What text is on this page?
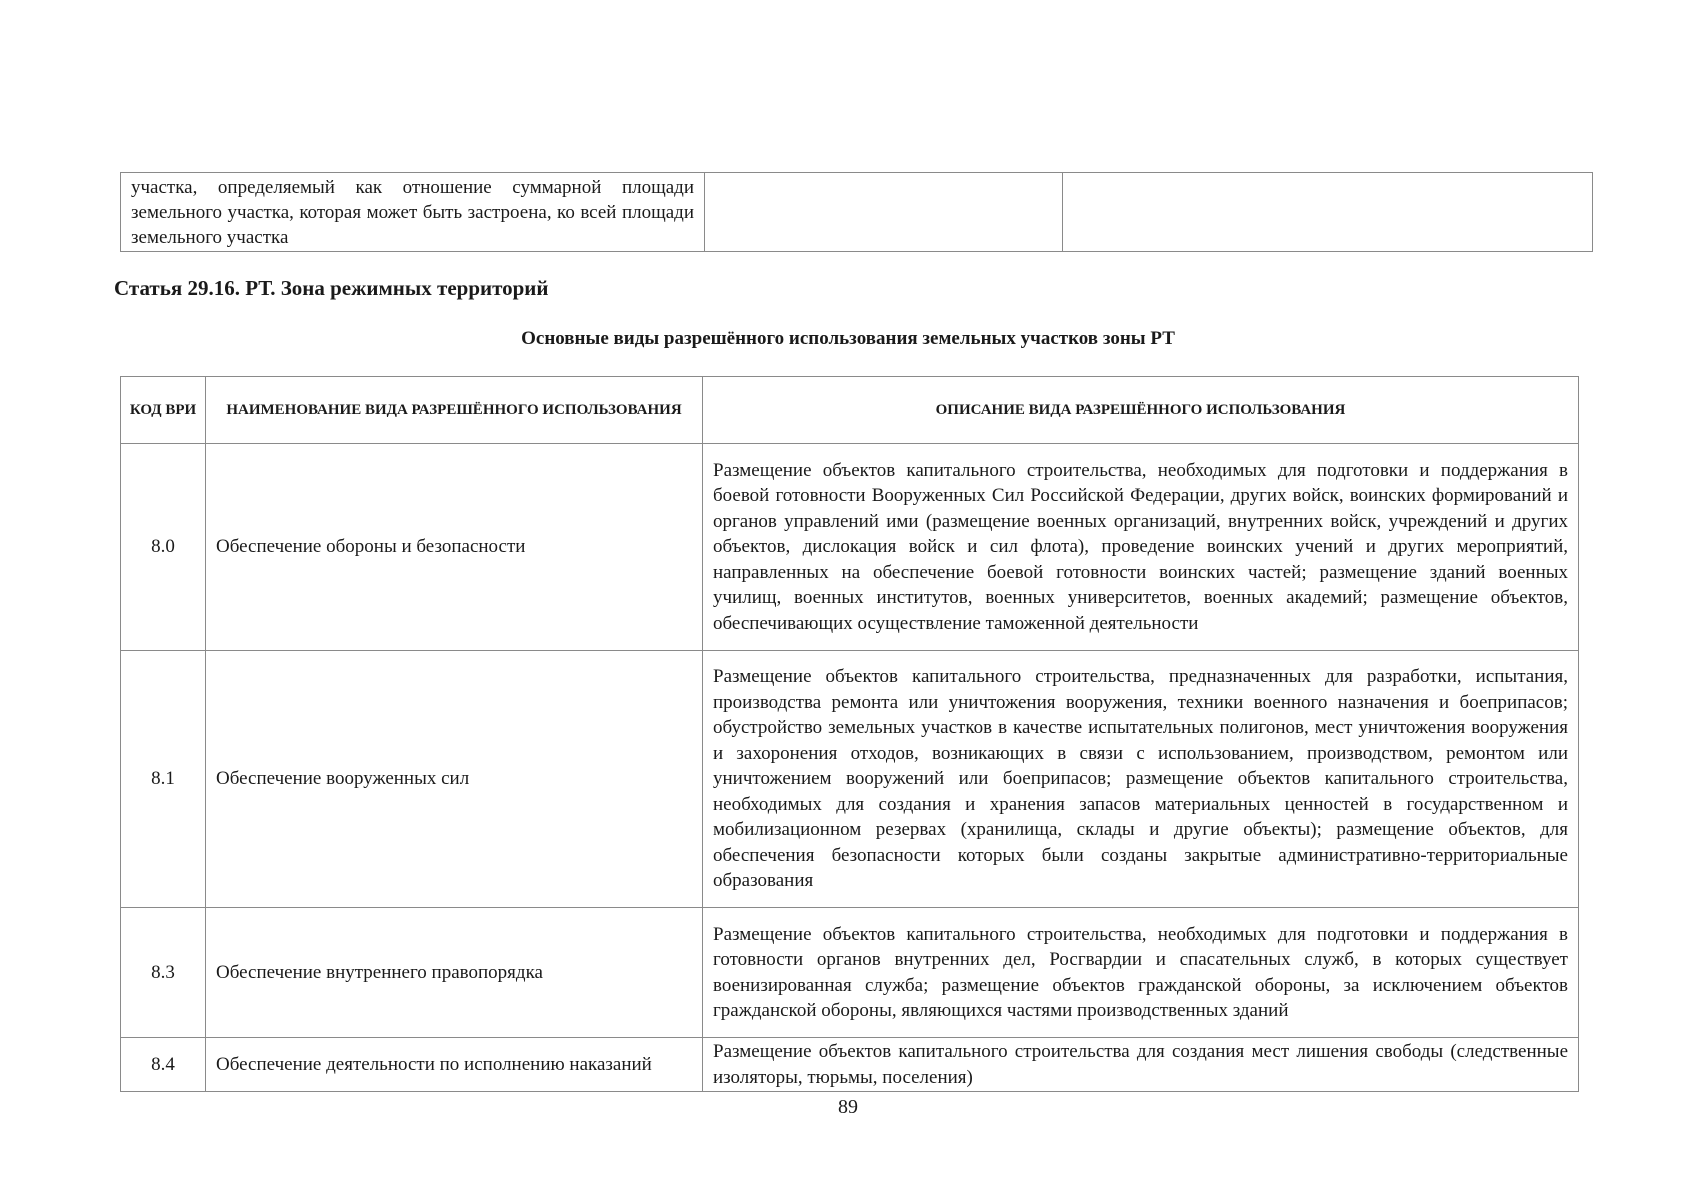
участка, определяемый как отношение суммарной площади земельного участка, которая может быть застроена, ко всей площади земельного участка		
Статья 29.16. РТ. Зона режимных территорий

Основные виды разрешённого использования земельных участков зоны РТ

КОД ВРИ	НАИМЕНОВАНИЕ ВИДА РАЗРЕШЁННОГО ИСПОЛЬЗОВАНИЯ	ОПИСАНИЕ ВИДА РАЗРЕШЁННОГО ИСПОЛЬЗОВАНИЯ
8.0	Обеспечение обороны и безопасности	Размещение объектов капитального строительства, необходимых для подготовки и поддержания в боевой готовности Вооруженных Сил Российской Федерации, других войск, воинских формирований и органов управлений ими (размещение военных организаций, внутренних войск, учреждений и других объектов, дислокация войск и сил флота), проведение воинских учений и других мероприятий, направленных на обеспечение боевой готовности воинских частей; размещение зданий военных училищ, военных институтов, военных университетов, военных академий; размещение объектов, обеспечивающих осуществление таможенной деятельности
8.1	Обеспечение вооруженных сил	Размещение объектов капитального строительства, предназначенных для разработки, испытания, производства ремонта или уничтожения вооружения, техники военного назначения и боеприпасов; обустройство земельных участков в качестве испытательных полигонов, мест уничтожения вооружения и захоронения отходов, возникающих в связи с использованием, производством, ремонтом или уничтожением вооружений или боеприпасов; размещение объектов капитального строительства, необходимых для создания и хранения запасов материальных ценностей в государственном и мобилизационном резервах (хранилища, склады и другие объекты); размещение объектов, для обеспечения безопасности которых были созданы закрытые административно-территориальные образования
8.3	Обеспечение внутреннего правопорядка	Размещение объектов капитального строительства, необходимых для подготовки и поддержания в готовности органов внутренних дел, Росгвардии и спасательных служб, в которых существует военизированная служба; размещение объектов гражданской обороны, за исключением объектов гражданской обороны, являющихся частями производственных зданий
8.4	Обеспечение деятельности по исполнению наказаний	Размещение объектов капитального строительства для создания мест лишения свободы (следственные изоляторы, тюрьмы, поселения)

89
